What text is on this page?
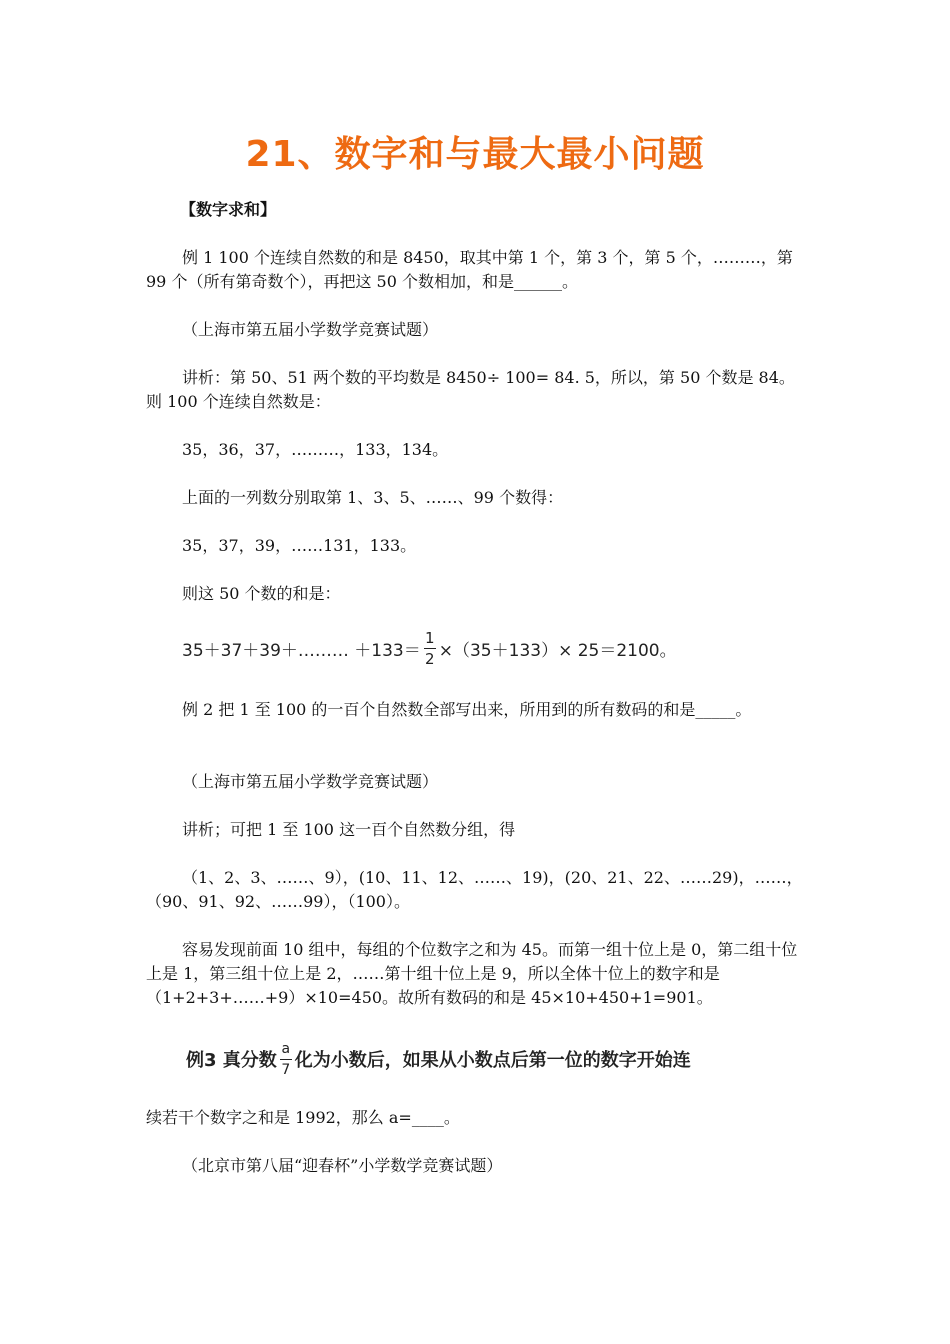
21、数字和与最大最小问题

【数字求和】

例 1 100 个连续自然数的和是 8450，取其中第 1 个，第 3 个，第 5 个，………，第 99 个（所有第奇数个），再把这 50 个数相加，和是______。

（上海市第五届小学数学竞赛试题）

讲析：第 50、51 两个数的平均数是 8450÷ 100= 84. 5，所以，第 50 个数是 84。则 100 个连续自然数是：

35，36，37，………，133，134。

上面的一列数分别取第 1、3、5、……、99 个数得：

35，37，39，……131，133。

则这 50 个数的和是：

35＋37＋39＋……… $+133= \frac{1}{2} \times(35+133)\times 25=2100$。

例 2 把 1 至 100 的一百个自然数全部写出来，所用到的所有数码的和是_____。

（上海市第五届小学数学竞赛试题）

讲析；可把 1 至 100 这一百个自然数分组，得

（1、2、3、……、9），(10、11、12、……、19)，(20、21、22、……29)，……，（90、91、92、……99），（100）。

容易发现前面 10 组中，每组的个位数字之和为 45。而第一组十位上是 0，第二组十位上是 1，第三组十位上是 2，……第十组十位上是 9，所以全体十位上的数字和是（1+2+3+……+9）×10=450。故所有数码的和是 45×10+450+1=901。

例3 真分数 $\frac{a}{7}$ 化为小数后，如果从小数点后第一位的数字开始连

续若干个数字之和是 1992，那么 a=____。

（北京市第八届“迎春杯”小学数学竞赛试题）
